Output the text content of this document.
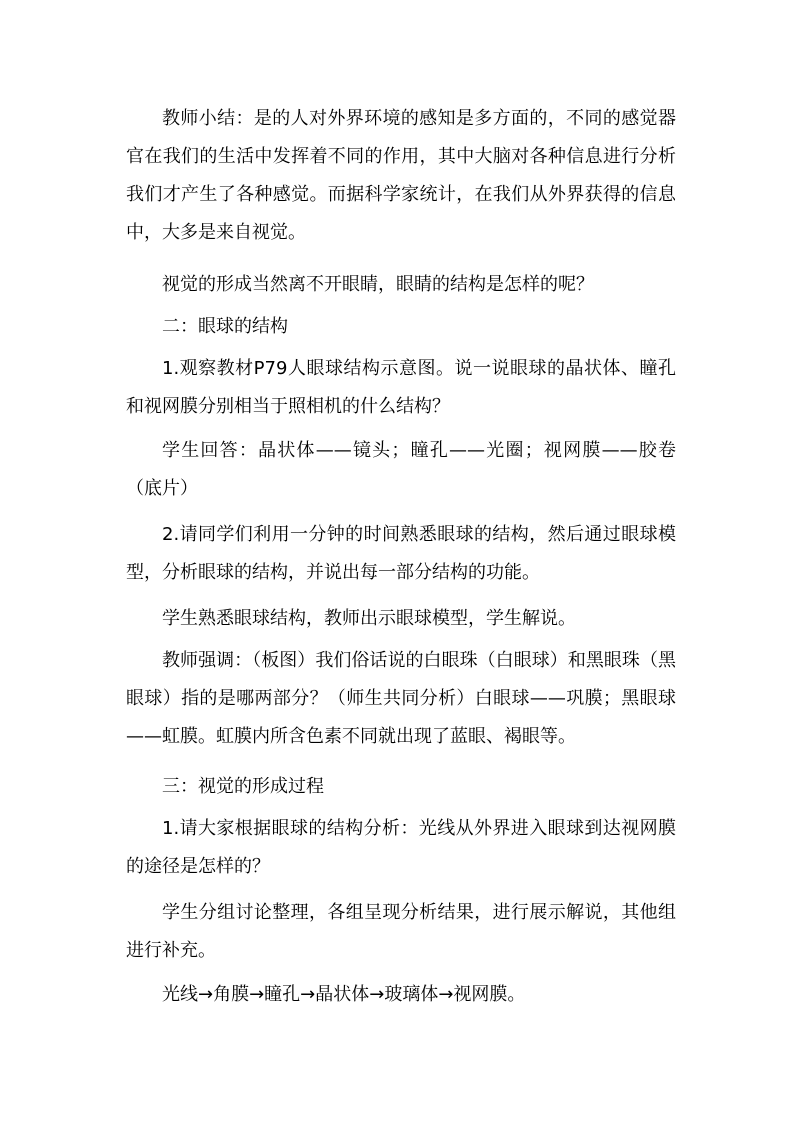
教师小结：是的人对外界环境的感知是多方面的，不同的感觉器官在我们的生活中发挥着不同的作用，其中大脑对各种信息进行分析我们才产生了各种感觉。而据科学家统计，在我们从外界获得的信息中，大多是来自视觉。

视觉的形成当然离不开眼睛，眼睛的结构是怎样的呢？

二：眼球的结构

1.观察教材P79人眼球结构示意图。说一说眼球的晶状体、瞳孔和视网膜分别相当于照相机的什么结构？

学生回答：晶状体——镜头；瞳孔——光圈；视网膜——胶卷（底片）

2.请同学们利用一分钟的时间熟悉眼球的结构，然后通过眼球模型，分析眼球的结构，并说出每一部分结构的功能。

学生熟悉眼球结构，教师出示眼球模型，学生解说。

教师强调：（板图）我们俗话说的白眼珠（白眼球）和黑眼珠（黑眼球）指的是哪两部分？（师生共同分析）白眼球——巩膜；黑眼球——虹膜。虹膜内所含色素不同就出现了蓝眼、褐眼等。

三：视觉的形成过程

1.请大家根据眼球的结构分析：光线从外界进入眼球到达视网膜的途径是怎样的？

学生分组讨论整理，各组呈现分析结果，进行展示解说，其他组进行补充。

光线→角膜→瞳孔→晶状体→玻璃体→视网膜。
